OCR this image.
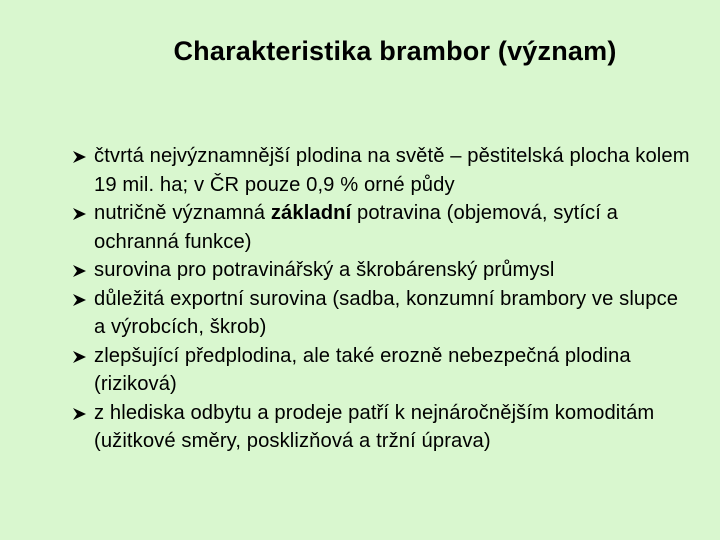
Charakteristika brambor (význam)
čtvrtá nejvýznamnější plodina na světě – pěstitelská plocha kolem 19 mil. ha; v ČR pouze 0,9 % orné půdy
nutričně významná základní potravina (objemová, sytící a ochranná funkce)
surovina pro potravinářský a škrobárenský průmysl
důležitá exportní surovina (sadba, konzumní brambory ve slupce a výrobcích, škrob)
zlepšující předplodina, ale také erozně nebezpečná plodina (riziková)
z hlediska odbytu a prodeje patří k nejnáročnějším komoditám (užitkové směry, posklizňová a tržní úprava)
